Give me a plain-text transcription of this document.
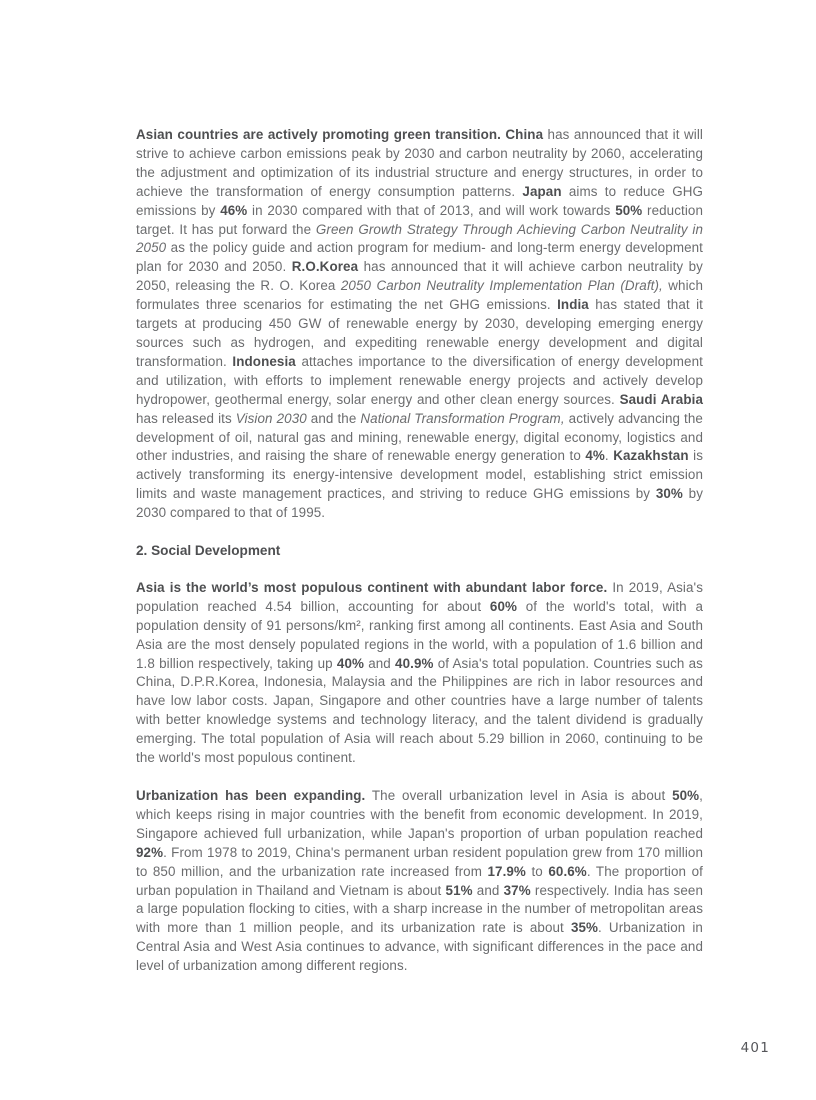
Asian countries are actively promoting green transition. China has announced that it will strive to achieve carbon emissions peak by 2030 and carbon neutrality by 2060, accelerating the adjustment and optimization of its industrial structure and energy structures, in order to achieve the transformation of energy consumption patterns. Japan aims to reduce GHG emissions by 46% in 2030 compared with that of 2013, and will work towards 50% reduction target. It has put forward the Green Growth Strategy Through Achieving Carbon Neutrality in 2050 as the policy guide and action program for medium- and long-term energy development plan for 2030 and 2050. R.O.Korea has announced that it will achieve carbon neutrality by 2050, releasing the R. O. Korea 2050 Carbon Neutrality Implementation Plan (Draft), which formulates three scenarios for estimating the net GHG emissions. India has stated that it targets at producing 450 GW of renewable energy by 2030, developing emerging energy sources such as hydrogen, and expediting renewable energy development and digital transformation. Indonesia attaches importance to the diversification of energy development and utilization, with efforts to implement renewable energy projects and actively develop hydropower, geothermal energy, solar energy and other clean energy sources. Saudi Arabia has released its Vision 2030 and the National Transformation Program, actively advancing the development of oil, natural gas and mining, renewable energy, digital economy, logistics and other industries, and raising the share of renewable energy generation to 4%. Kazakhstan is actively transforming its energy-intensive development model, establishing strict emission limits and waste management practices, and striving to reduce GHG emissions by 30% by 2030 compared to that of 1995.

2. Social Development

Asia is the world’s most populous continent with abundant labor force. In 2019, Asia's population reached 4.54 billion, accounting for about 60% of the world's total, with a population density of 91 persons/km², ranking first among all continents. East Asia and South Asia are the most densely populated regions in the world, with a population of 1.6 billion and 1.8 billion respectively, taking up 40% and 40.9% of Asia's total population. Countries such as China, D.P.R.Korea, Indonesia, Malaysia and the Philippines are rich in labor resources and have low labor costs. Japan, Singapore and other countries have a large number of talents with better knowledge systems and technology literacy, and the talent dividend is gradually emerging. The total population of Asia will reach about 5.29 billion in 2060, continuing to be the world's most populous continent.

Urbanization has been expanding. The overall urbanization level in Asia is about 50%, which keeps rising in major countries with the benefit from economic development. In 2019, Singapore achieved full urbanization, while Japan's proportion of urban population reached 92%. From 1978 to 2019, China's permanent urban resident population grew from 170 million to 850 million, and the urbanization rate increased from 17.9% to 60.6%. The proportion of urban population in Thailand and Vietnam is about 51% and 37% respectively. India has seen a large population flocking to cities, with a sharp increase in the number of metropolitan areas with more than 1 million people, and its urbanization rate is about 35%. Urbanization in Central Asia and West Asia continues to advance, with significant differences in the pace and level of urbanization among different regions.

401
